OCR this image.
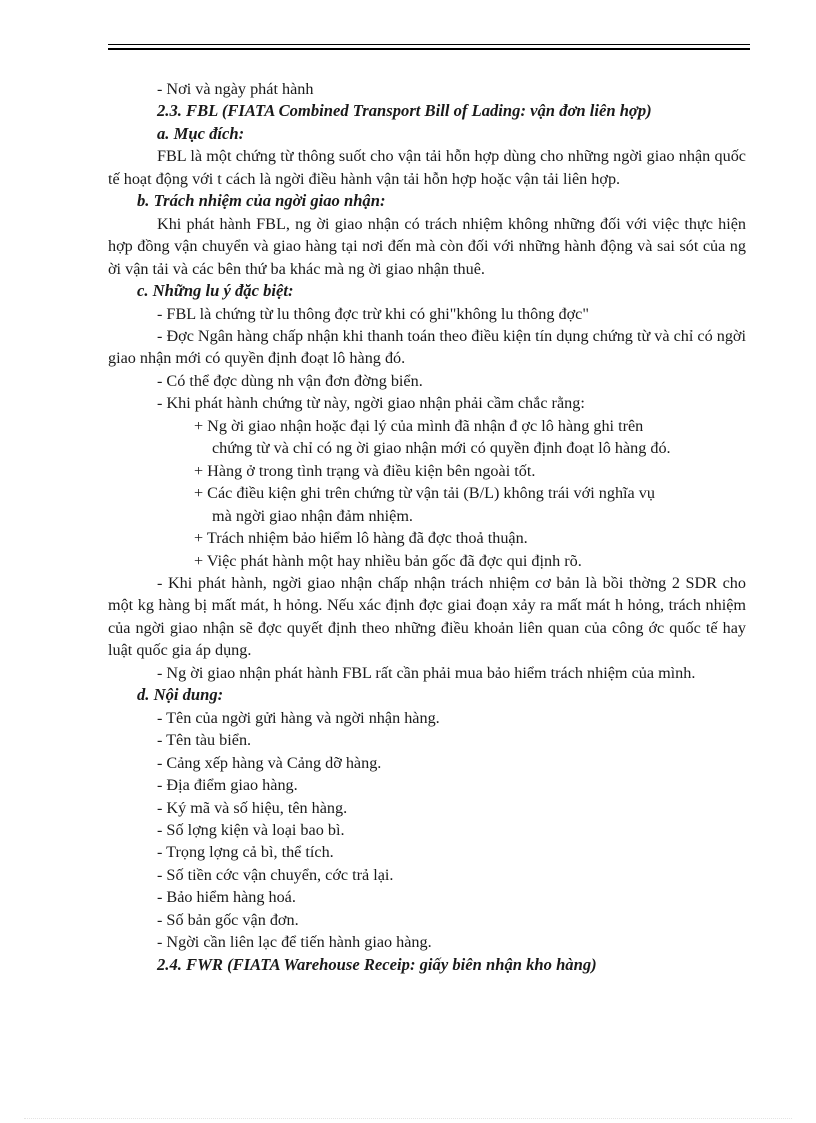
- Nơi và ngày phát hành

2.3. FBL (FIATA Combined Transport Bill of Lading: vận đơn liên hợp)

a. Mục đích:

FBL là một chứng từ thông suốt cho vận tải hỗn hợp dùng cho những ngời giao nhận quốc tế hoạt động với t cách là ngời điều hành vận tải hỗn hợp hoặc vận tải liên hợp.

b. Trách nhiệm của ngời giao nhận:

Khi phát hành FBL, ng ời giao nhận có trách nhiệm không những đối với việc thực hiện hợp đồng vận chuyển và giao hàng tại nơi đến mà còn đối với những hành động và sai sót của ng ời vận tải và các bên thứ ba khác mà ng ời giao nhận thuê.

c. Những lu ý đặc biệt:

- FBL là chứng từ lu thông đợc trừ khi có ghi"không lu thông đợc"

- Đợc Ngân hàng chấp nhận khi thanh toán theo điều kiện tín dụng chứng từ và chỉ có ngời giao nhận mới có quyền định đoạt lô hàng đó.

- Có thể đợc dùng nh vận đơn đờng biển.

- Khi phát hành chứng từ này, ngời giao nhận phải cầm chắc rằng:

+ Ng ời giao nhận hoặc đại lý của mình đã nhận đ ợc lô hàng ghi trên
chứng từ và chỉ có ng ời giao nhận mới có quyền định đoạt lô hàng đó.

+ Hàng ở trong tình trạng và điều kiện bên ngoài tốt.

+ Các điều kiện ghi trên chứng từ vận tải (B/L) không trái với nghĩa vụ
mà ngời giao nhận đảm nhiệm.

+ Trách nhiệm bảo hiểm lô hàng đã đợc thoả thuận.

+ Việc phát hành một hay nhiều bản gốc đã đợc qui định rõ.

- Khi phát hành, ngời giao nhận chấp nhận trách nhiệm cơ bản là bồi thờng 2 SDR cho một kg hàng bị mất mát, h hỏng. Nếu xác định đợc giai đoạn xảy ra mất mát h hỏng, trách nhiệm của ngời giao nhận sẽ đợc quyết định theo những điều khoản liên quan của công ớc quốc tế hay luật quốc gia áp dụng.

- Ng ời giao nhận phát hành FBL rất cần phải mua bảo hiểm trách nhiệm của mình.

d. Nội dung:

- Tên của ngời gửi hàng và ngời nhận hàng.

- Tên tàu biển.

- Cảng xếp hàng và Cảng dỡ hàng.

- Địa điểm giao hàng.

- Ký mã và số hiệu, tên hàng.

- Số lợng kiện và loại bao bì.

- Trọng lợng cả bì, thể tích.

- Số tiền cớc vận chuyển, cớc trả lại.

- Bảo hiểm hàng hoá.

- Số bản gốc vận đơn.

- Ngời cần liên lạc để tiến hành giao hàng.

2.4. FWR (FIATA Warehouse Receip: giấy biên nhận kho hàng)
